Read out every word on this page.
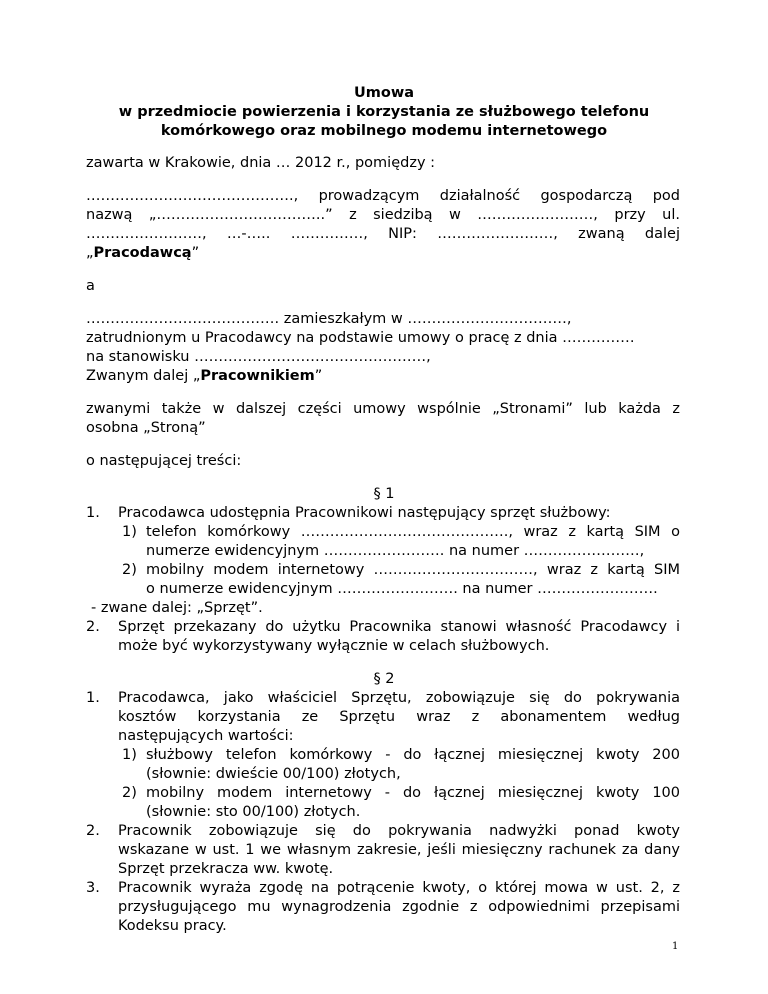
Umowa
w przedmiocie powierzenia i korzystania ze służbowego telefonu
komórkowego oraz mobilnego modemu internetowego
zawarta w Krakowie, dnia … 2012 r., pomiędzy :
……………………………………., prowadzącym działalność gospodarczą pod
nazwą „……………………………..” z siedzibą w ……………………, przy ul.
……………………, …-….. ……………, NIP: ……………………, zwaną dalej
„Pracodawcą”
a
…………………………………. zamieszkałym w ……………………………,
zatrudnionym u Pracodawcy na podstawie umowy o pracę z dnia ……………
na stanowisku …………………………………………,
Zwanym dalej „Pracownikiem”
zwanymi także w dalszej części umowy wspólnie „Stronami” lub każda z
osobna „Stroną”
o następującej treści:
§ 1
1. Pracodawca udostępnia Pracownikowi następujący sprzęt służbowy:
1) telefon komórkowy ……………………………………., wraz z kartą SIM o
numerze ewidencyjnym ……………………. na numer ……………………,
2) mobilny modem internetowy ……………………………, wraz z kartą SIM
o numerze ewidencyjnym ……………………. na numer …………………….
- zwane dalej: „Sprzęt”.
2. Sprzęt przekazany do użytku Pracownika stanowi własność Pracodawcy i
może być wykorzystywany wyłącznie w celach służbowych.
§ 2
1. Pracodawca, jako właściciel Sprzętu, zobowiązuje się do pokrywania
kosztów korzystania ze Sprzętu wraz z abonamentem według
następujących wartości:
1) służbowy telefon komórkowy - do łącznej miesięcznej kwoty 200
(słownie: dwieście 00/100) złotych,
2) mobilny modem internetowy - do łącznej miesięcznej kwoty 100
(słownie: sto 00/100) złotych.
2. Pracownik zobowiązuje się do pokrywania nadwyżki ponad kwoty
wskazane w ust. 1 we własnym zakresie, jeśli miesięczny rachunek za dany
Sprzęt przekracza ww. kwotę.
3. Pracownik wyraża zgodę na potrącenie kwoty, o której mowa w ust. 2, z
przysługującego mu wynagrodzenia zgodnie z odpowiednimi przepisami
Kodeksu pracy.
1
